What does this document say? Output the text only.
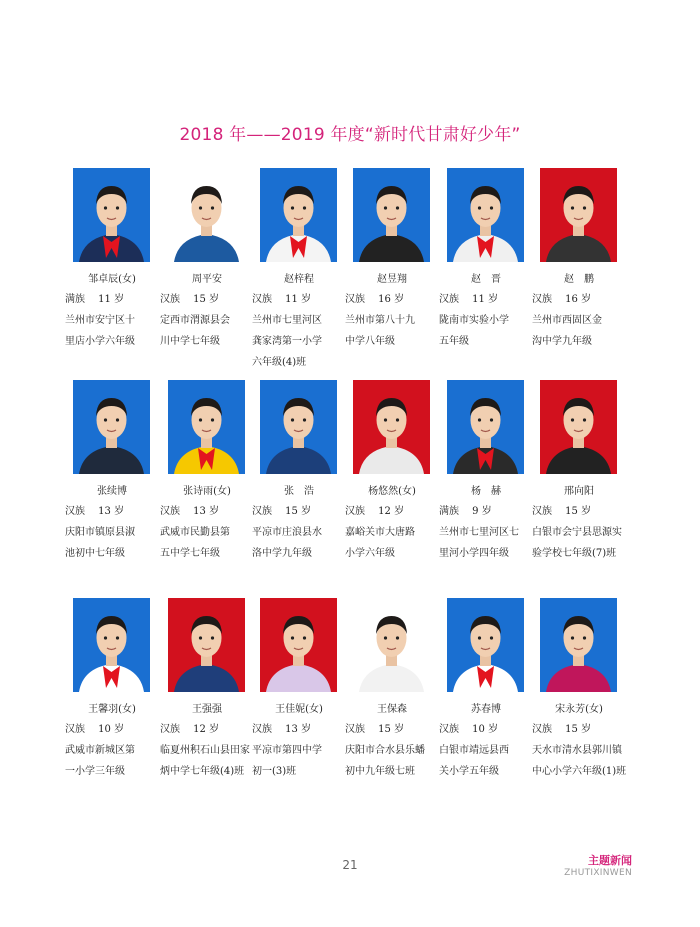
2018 年——2019 年度“新时代甘肃好少年”
邹卓辰(女)
满族　 11 岁
兰州市安宁区十
里店小学六年级
周平安
汉族　 15 岁
定西市渭源县会
川中学七年级
赵梓程
汉族　 11 岁
兰州市七里河区
龚家湾第一小学
六年级(4)班
赵昱翔
汉族　 16 岁
兰州市第八十九
中学八年级
赵　晋
汉族　 11 岁
陇南市实验小学
五年级
赵　鹏
汉族　 16 岁
兰州市西固区金
沟中学九年级
张续博
汉族　 13 岁
庆阳市镇原县淑
池初中七年级
张诗雨(女)
汉族　 13 岁
武威市民勤县第
五中学七年级
张　浩
汉族　 15 岁
平凉市庄浪县水
洛中学九年级
杨悠然(女)
汉族　 12 岁
嘉峪关市大唐路
小学六年级
杨　赫
满族　 9 岁
兰州市七里河区七
里河小学四年级
邢向阳
汉族　 15 岁
白银市会宁县思源实
验学校七年级(7)班
王馨羽(女)
汉族　 10 岁
武威市新城区第
一小学三年级
王强强
汉族　 12 岁
临夏州积石山县田家
炳中学七年级(4)班
王佳妮(女)
汉族　 13 岁
平凉市第四中学
初一(3)班
王保森
汉族　 15 岁
庆阳市合水县乐蟠
初中九年级七班
苏春博
汉族　 10 岁
白银市靖远县西
关小学五年级
宋永芳(女)
汉族　 15 岁
天水市清水县郭川镇
中心小学六年级(1)班
21	主题新闻
ZHUTIXINWEN
